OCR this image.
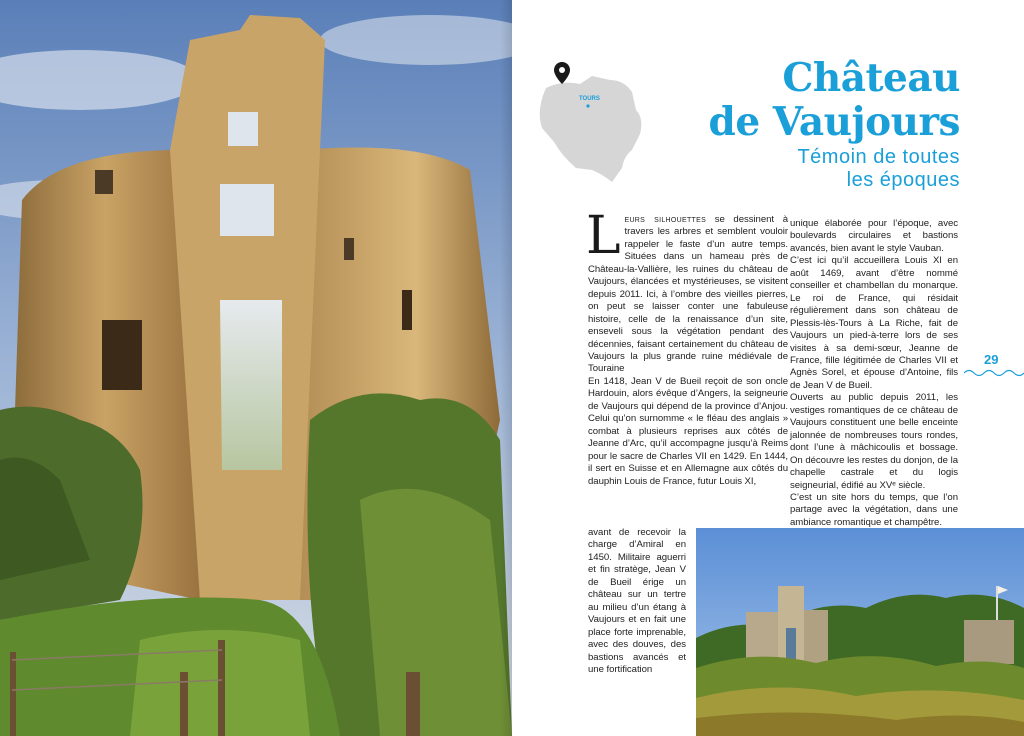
TOURS	Château
de Vaujours
Témoin de toutes
les époques

Leurs silhouettes se dessinent à travers les arbres et semblent vouloir rappeler le faste d’un autre temps. Situées dans un hameau près de Château-la-Vallière, les ruines du château de Vaujours, élancées et mystérieuses, se visitent depuis 2011. Ici, à l’ombre des vieilles pierres, on peut se laisser conter une fabuleuse histoire, celle de la renaissance d’un site, enseveli sous la végétation pendant des décennies, faisant certainement du château de Vaujours la plus grande ruine médiévale de Touraine

En 1418, Jean V de Bueil reçoit de son oncle Hardouin, alors évêque d’Angers, la seigneurie de Vaujours qui dépend de la province d’Anjou. Celui qu’on surnomme « le fléau des anglais » combat à plusieurs reprises aux côtés de Jeanne d’Arc, qu’il accompagne jusqu’à Reims pour le sacre de Charles VII en 1429. En 1444, il sert en Suisse et en Allemagne aux côtés du dauphin Louis de France, futur Louis XI,

avant de recevoir la charge d’Amiral en 1450. Militaire aguerri et fin stratège, Jean V de Bueil érige un château sur un tertre au milieu d’un étang à Vaujours et en fait une place forte imprenable, avec des douves, des bastions avancés et une fortification

unique élaborée pour l’époque, avec boulevards circulaires et bastions avancés, bien avant le style Vauban.

C’est ici qu’il accueillera Louis XI en août 1469, avant d’être nommé conseiller et chambellan du monarque. Le roi de France, qui résidait régulièrement dans son château de Plessis-lès-Tours à La Riche, fait de Vaujours un pied-à-terre lors de ses visites à sa demi-sœur, Jeanne de France, fille légitimée de Charles VII et Agnès Sorel, et épouse d’Antoine, fils de Jean V de Bueil.

Ouverts au public depuis 2011, les vestiges romantiques de ce château de Vaujours constituent une belle enceinte jalonnée de nombreuses tours rondes, dont l’une à mâchicoulis et bossage. On découvre les restes du donjon, de la chapelle castrale et du logis seigneurial, édifié au XVᵉ siècle.

C’est un site hors du temps, que l’on partage avec la végétation, dans une ambiance romantique et champêtre.

29
